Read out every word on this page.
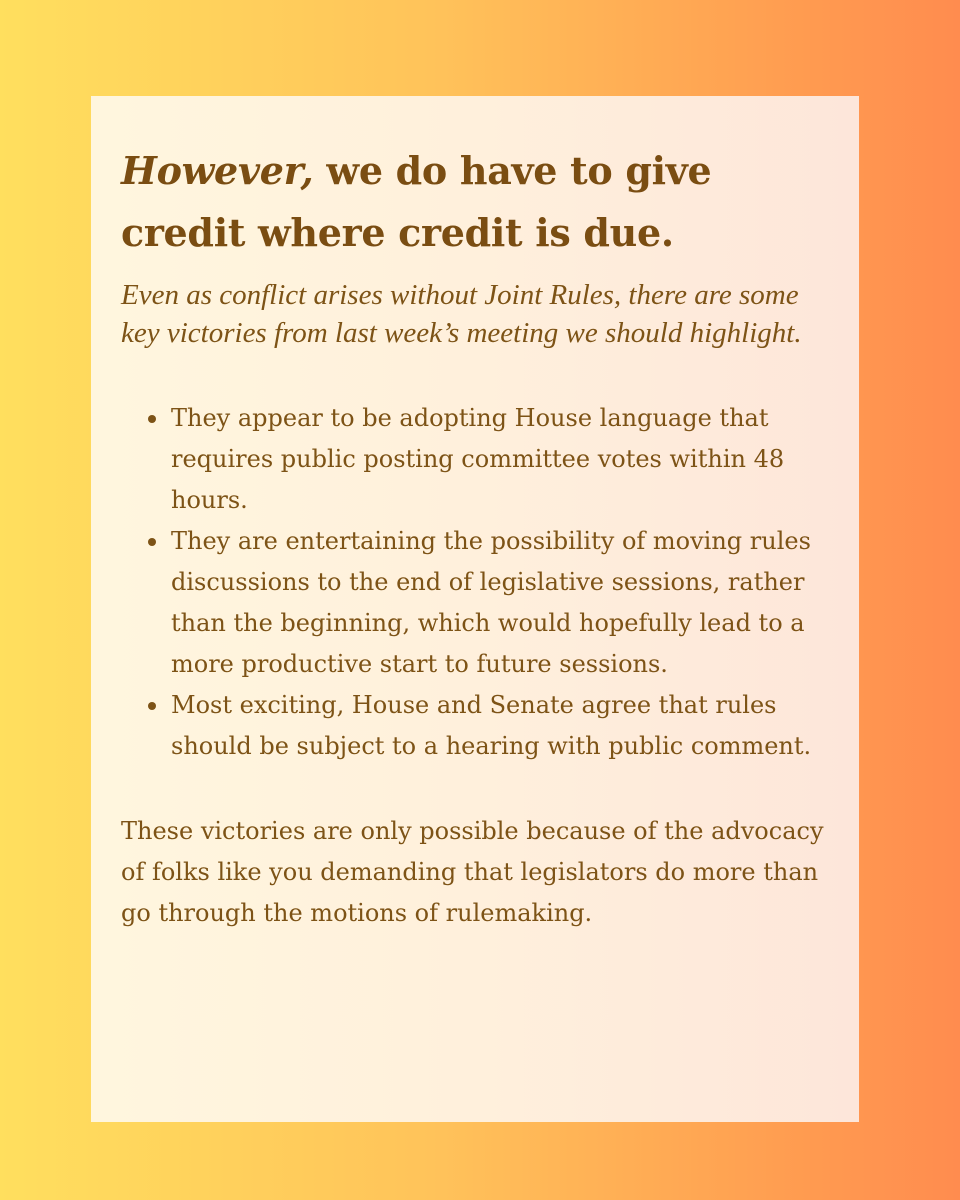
However, we do have to give credit where credit is due.

Even as conflict arises without Joint Rules, there are some key victories from last week’s meeting we should highlight.

They appear to be adopting House language that requires public posting committee votes within 48 hours.
They are entertaining the possibility of moving rules discussions to the end of legislative sessions, rather than the beginning, which would hopefully lead to a more productive start to future sessions.
Most exciting, House and Senate agree that rules should be subject to a hearing with public comment.

These victories are only possible because of the advocacy of folks like you demanding that legislators do more than go through the motions of rulemaking.
